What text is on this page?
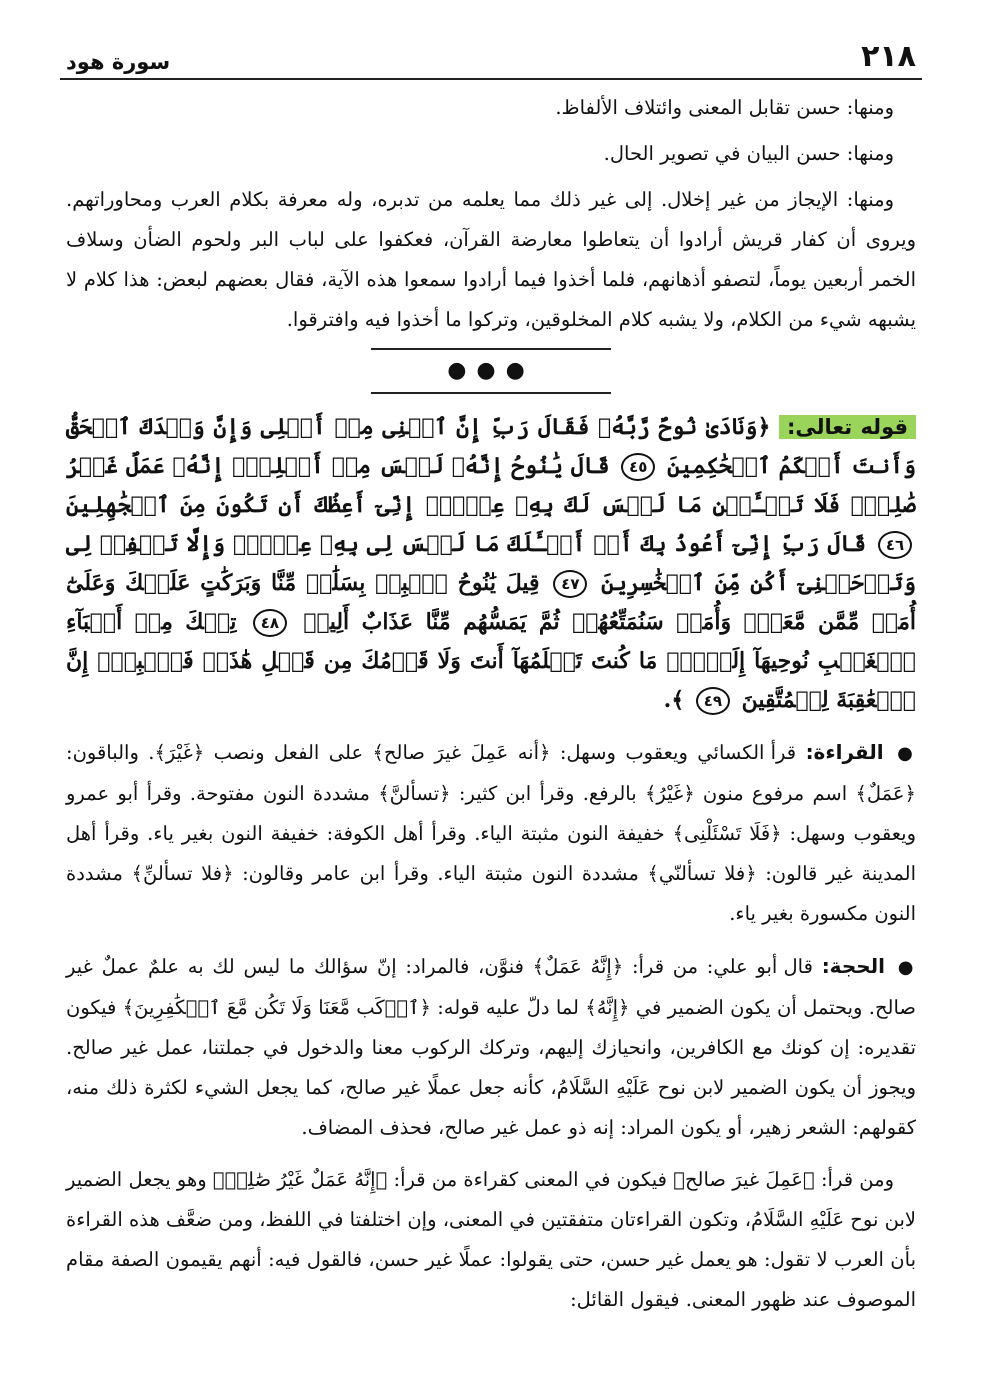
٢١٨
سورة هود

ومنها: حسن تقابل المعنى وائتلاف الألفاظ.

ومنها: حسن البيان في تصوير الحال.

ومنها: الإيجاز من غير إخلال. إلى غير ذلك مما يعلمه من تدبره، وله معرفة بكلام العرب ومحاوراتهم. ويروى أن كفار قريش أرادوا أن يتعاطوا معارضة القرآن، فعكفوا على لباب البر ولحوم الضأن وسلاف الخمر أربعين يوماً، لتصفو أذهانهم، فلما أخذوا فيما أرادوا سمعوا هذه الآية، فقال بعضهم لبعض: هذا كلام لا يشبهه شيء من الكلام، ولا يشبه كلام المخلوقين، وتركوا ما أخذوا فيه وافترقوا.

●●●

قوله تعالى: ﴿وَنَادَىٰ نُوحٌ رَّبَّهُۥ فَقَالَ رَبِّ إِنَّ ٱبۡنِى مِنۡ أَهۡلِى وَإِنَّ وَعۡدَكَ ٱلۡحَقُّ وَأَنتَ أَحۡكَمُ ٱلۡحَٰكِمِينَ ٤٥ قَالَ يَٰنُوحُ إِنَّهُۥ لَيۡسَ مِنۡ أَهۡلِكَۖ إِنَّهُۥ عَمَلٌ غَيۡرُ صَٰلِحٖۖ فَلَا تَسۡـَٔلۡنِ مَا لَيۡسَ لَكَ بِهِۦ عِلۡمٌۖ إِنِّىٓ أَعِظُكَ أَن تَكُونَ مِنَ ٱلۡجَٰهِلِينَ ٤٦ قَالَ رَبِّ إِنِّىٓ أَعُوذُ بِكَ أَنۡ أَسۡـَٔلَكَ مَا لَيۡسَ لِى بِهِۦ عِلۡمٞۖ وَإِلَّا تَغۡفِرۡ لِى وَتَرۡحَمۡنِىٓ أَكُن مِّنَ ٱلۡخَٰسِرِينَ ٤٧ قِيلَ يَٰنُوحُ ٱهۡبِطۡ بِسَلَٰمٖ مِّنَّا وَبَرَكَٰتٍ عَلَيۡكَ وَعَلَىٰٓ أُمَمٖ مِّمَّن مَّعَكَۚ وَأُمَمٞ سَنُمَتِّعُهُمۡ ثُمَّ يَمَسُّهُم مِّنَّا عَذَابٌ أَلِيمٞ ٤٨ تِلۡكَ مِنۡ أَنۢبَآءِ ٱلۡغَيۡبِ نُوحِيهَآ إِلَيۡكَۖ مَا كُنتَ تَعۡلَمُهَآ أَنتَ وَلَا قَوۡمُكَ مِن قَبۡلِ هَٰذَاۖ فَٱصۡبِرۡۖ إِنَّ ٱلۡعَٰقِبَةَ لِلۡمُتَّقِينَ ٤٩ ﴾.

● القراءة: قرأ الكسائي ويعقوب وسهل: ﴿أنه عَمِلَ غيرَ صالح﴾ على الفعل ونصب ﴿غَيْرَ﴾. والباقون: ﴿عَمَلٌ﴾ اسم مرفوع منون ﴿غَيْرُ﴾ بالرفع. وقرأ ابن كثير: ﴿تسألنَّ﴾ مشددة النون مفتوحة. وقرأ أبو عمرو ويعقوب وسهل: ﴿فَلَا تَسْئَلْنِى﴾ خفيفة النون مثبتة الياء. وقرأ أهل الكوفة: خفيفة النون بغير ياء. وقرأ أهل المدينة غير قالون: ﴿فلا تسألنّي﴾ مشددة النون مثبتة الياء. وقرأ ابن عامر وقالون: ﴿فلا تسألنِّ﴾ مشددة النون مكسورة بغير ياء.

● الحجة: قال أبو علي: من قرأ: ﴿إِنَّهُ عَمَلٌ﴾ فنوَّن، فالمراد: إنّ سؤالك ما ليس لك به علمٌ عملٌ غير صالح. ويحتمل أن يكون الضمير في ﴿إِنَّهُ﴾ لما دلّ عليه قوله: ﴿ٱرۡكَب مَّعَنَا وَلَا تَكُن مَّعَ ٱلۡكَٰفِرِينَ﴾ فيكون تقديره: إن كونك مع الكافرين، وانحيازك إليهم، وتركك الركوب معنا والدخول في جملتنا، عمل غير صالح. ويجوز أن يكون الضمير لابن نوح عَلَيْهِ السَّلَامُ، كأنه جعل عملًا غير صالح، كما يجعل الشيء لكثرة ذلك منه، كقولهم: الشعر زهير، أو يكون المراد: إنه ذو عمل غير صالح، فحذف المضاف.

ومن قرأ: ﴿عَمِلَ غيرَ صالح﴾ فيكون في المعنى كقراءة من قرأ: ﴿إِنَّهُ عَمَلٌ غَيْرُ صَٰلِحٖ﴾ وهو يجعل الضمير لابن نوح عَلَيْهِ السَّلَامُ، وتكون القراءتان متفقتين في المعنى، وإن اختلفتا في اللفظ، ومن ضعَّف هذه القراءة بأن العرب لا تقول: هو يعمل غير حسن، حتى يقولوا: عملًا غير حسن، فالقول فيه: أنهم يقيمون الصفة مقام الموصوف عند ظهور المعنى. فيقول القائل:
